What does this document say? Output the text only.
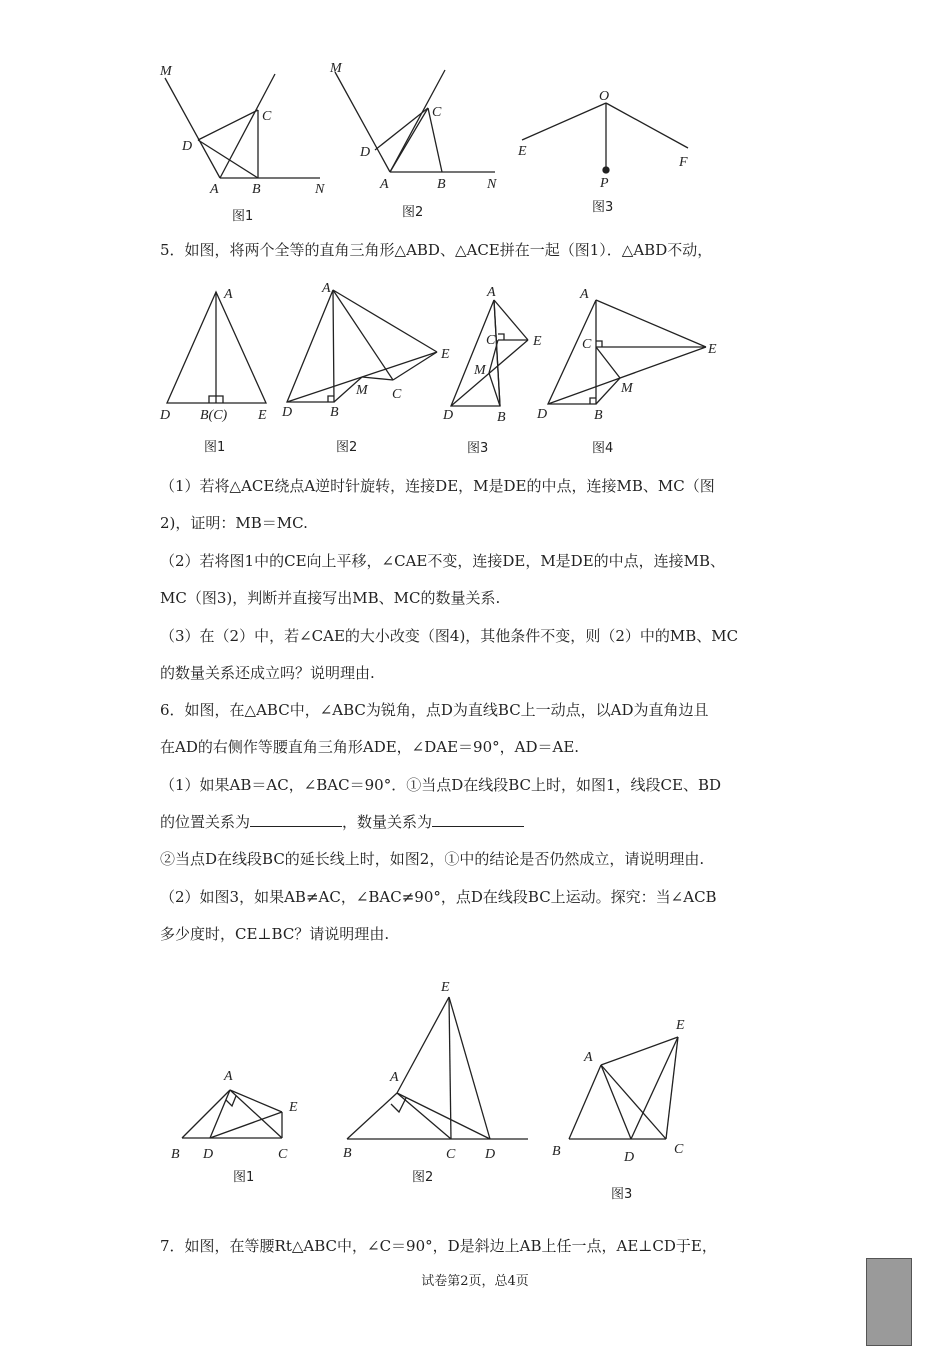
M
D
C
A B	N
图1
M
D
C
A	B	N
图2
O
E
F
P
图3
A
D B(C) E
图1
A
E
M C
D	B
图2
A
C	E
M
D	B
图3
A
C	E
M
D	B
图4
A
E
B D	C
图1
E
A
B	C D
图2
E
A
B	D
C
图3
5．如图，将两个全等的直角三角形△ABD、△ACE拼在一起（图1）．△ABD不动，
（1）若将△ACE绕点A逆时针旋转，连接DE，M是DE的中点，连接MB、MC（图
2)，证明：MB＝MC.
（2）若将图1中的CE向上平移，∠CAE不变，连接DE，M是DE的中点，连接MB、
MC（图3)，判断并直接写出MB、MC的数量关系.
（3）在（2）中，若∠CAE的大小改变（图4)，其他条件不变，则（2）中的MB、MC
的数量关系还成立吗？说明理由.
6．如图，在△ABC中，∠ABC为锐角，点D为直线BC上一动点，以AD为直角边且
在AD的右侧作等腰直角三角形ADE，∠DAE＝90°，AD＝AE.
（1）如果AB＝AC，∠BAC＝90°．①当点D在线段BC上时，如图1，线段CE、BD
的位置关系为	，数量关系为
②当点D在线段BC的延长线上时，如图2，①中的结论是否仍然成立，请说明理由.
（2）如图3，如果AB≠AC，∠BAC≠90°，点D在线段BC上运动。探究：当∠ACB
多少度时，CE⊥BC？请说明理由.
7．如图，在等腰Rt△ABC中，∠C＝90°，D是斜边上AB上任一点，AE⊥CD于E，
试卷第2页，总4页
